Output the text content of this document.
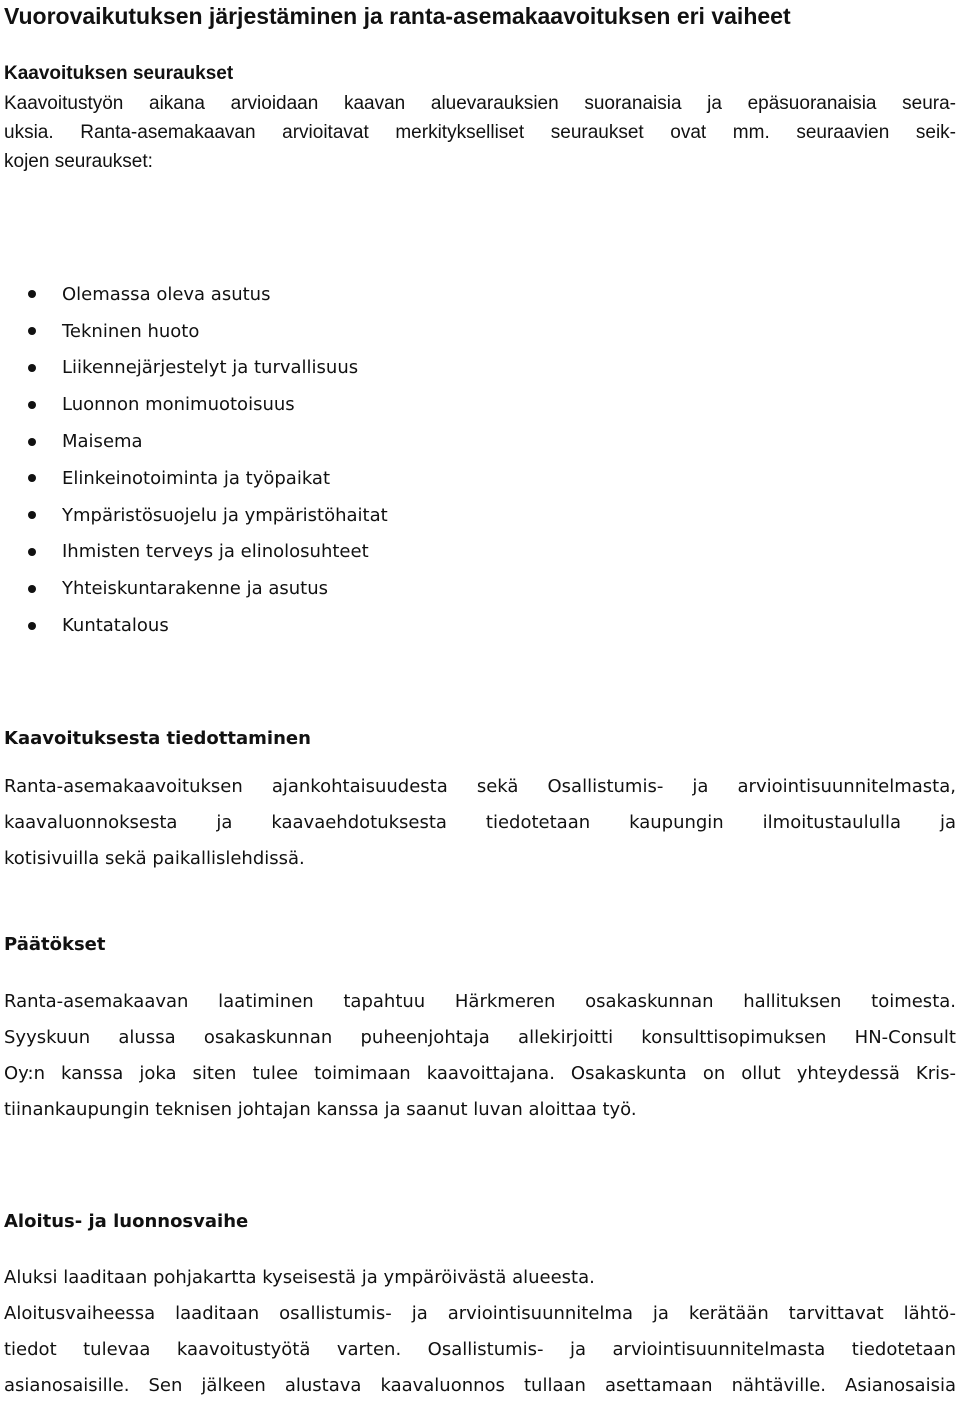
Vuorovaikutuksen järjestäminen ja ranta-asemakaavoituksen eri vaiheet
Kaavoituksen seuraukset
Kaavoitustyön aikana arvioidaan kaavan aluevarauksien suoranaisia ja epäsuoranaisia seura-
uksia. Ranta-asemakaavan arvioitavat merkitykselliset seuraukset ovat mm. seuraavien seik-
kojen seuraukset:
Olemassa oleva asutus
Tekninen huoto
Liikennejärjestelyt ja turvallisuus
Luonnon monimuotoisuus
Maisema
Elinkeinotoiminta ja työpaikat
Ympäristösuojelu ja ympäristöhaitat
Ihmisten terveys ja elinolosuhteet
Yhteiskuntarakenne ja asutus
Kuntatalous
Kaavoituksesta tiedottaminen
Ranta-asemakaavoituksen ajankohtaisuudesta sekä Osallistumis- ja arviointisuunnitelmasta,
kaavaluonnoksesta ja kaavaehdotuksesta tiedotetaan kaupungin ilmoitustaululla ja
kotisivuilla sekä paikallislehdissä.
Päätökset
Ranta-asemakaavan laatiminen tapahtuu Härkmeren osakaskunnan hallituksen toimesta.
Syyskuun alussa osakaskunnan puheenjohtaja allekirjoitti konsulttisopimuksen HN-Consult
Oy:n kanssa joka siten tulee toimimaan kaavoittajana. Osakaskunta on ollut yhteydessä Kris-
tiinankaupungin teknisen johtajan kanssa ja saanut luvan aloittaa työ.
Aloitus- ja luonnosvaihe
Aluksi laaditaan pohjakartta kyseisestä ja ympäröivästä alueesta.
Aloitusvaiheessa laaditaan osallistumis- ja arviointisuunnitelma ja kerätään tarvittavat lähtö-
tiedot tulevaa kaavoitustyötä varten. Osallistumis- ja arviointisuunnitelmasta tiedotetaan
asianosaisille. Sen jälkeen alustava kaavaluonnos tullaan asettamaan nähtäville. Asianosaisia
